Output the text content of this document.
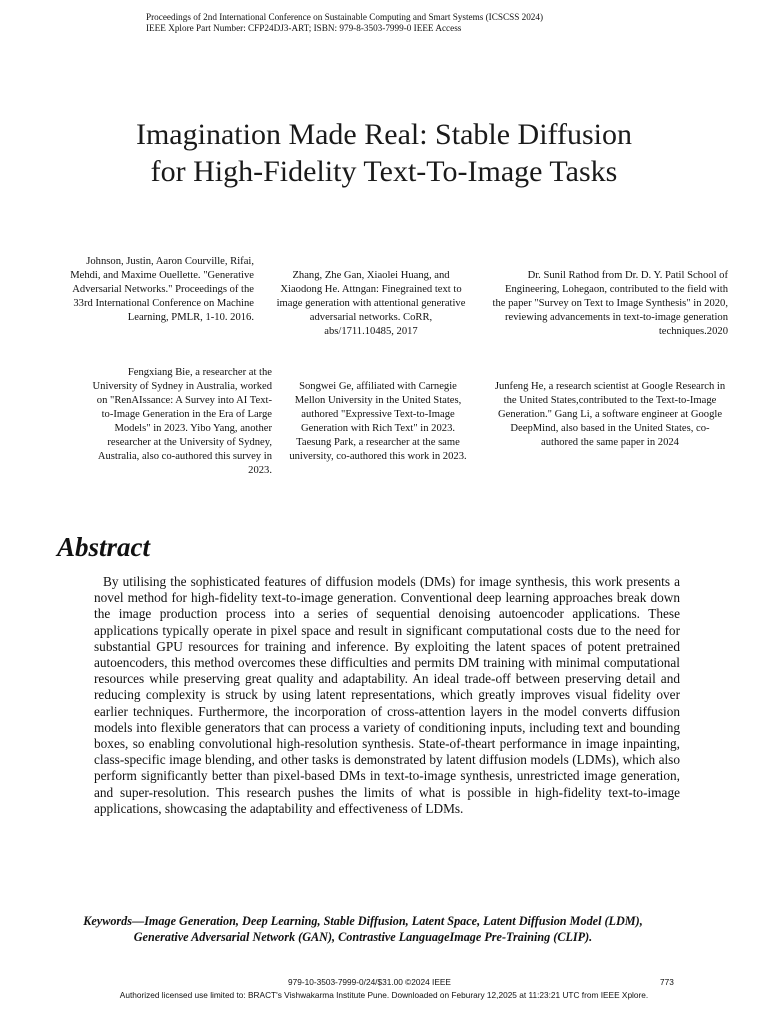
Proceedings of 2nd International Conference on Sustainable Computing and Smart Systems (ICSCSS 2024) IEEE Xplore Part Number: CFP24DJ3-ART; ISBN: 979-8-3503-7999-0 IEEE Access
Imagination Made Real: Stable Diffusion
for High-Fidelity Text-To-Image Tasks
Johnson, Justin, Aaron Courville, Rifai, Mehdi, and Maxime Ouellette. "Generative Adversarial Networks." Proceedings of the 33rd International Conference on Machine Learning, PMLR, 1-10. 2016.
Zhang, Zhe Gan, Xiaolei Huang, and Xiaodong He. Attngan: Finegrained text to image generation with attentional generative adversarial networks. CoRR, abs/1711.10485, 2017
Dr. Sunil Rathod from Dr. D. Y. Patil School of Engineering, Lohegaon, contributed to the field with the paper "Survey on Text to Image Synthesis" in 2020, reviewing advancements in text-to-image generation techniques.2020
Fengxiang Bie, a researcher at the University of Sydney in Australia, worked on "RenAIssance: A Survey into AI Text-to-Image Generation in the Era of Large Models" in 2023. Yibo Yang, another researcher at the University of Sydney, Australia, also co-authored this survey in 2023.
Songwei Ge, affiliated with Carnegie Mellon University in the United States, authored "Expressive Text-to-Image Generation with Rich Text" in 2023. Taesung Park, a researcher at the same university, co-authored this work in 2023.
Junfeng He, a research scientist at Google Research in the United States,contributed to the Text-to-Image Generation." Gang Li, a software engineer at Google DeepMind, also based in the United States, co-authored the same paper in 2024
Abstract
By utilising the sophisticated features of diffusion models (DMs) for image synthesis, this work presents a novel method for high-fidelity text-to-image generation. Conventional deep learning approaches break down the image production process into a series of sequential denoising autoencoder applications. These applications typically operate in pixel space and result in significant computational costs due to the need for substantial GPU resources for training and inference. By exploiting the latent spaces of potent pretrained autoencoders, this method overcomes these difficulties and permits DM training with minimal computational resources while preserving great quality and adaptability. An ideal trade-off between preserving detail and reducing complexity is struck by using latent representations, which greatly improves visual fidelity over earlier techniques. Furthermore, the incorporation of cross-attention layers in the model converts diffusion models into flexible generators that can process a variety of conditioning inputs, including text and bounding boxes, so enabling convolutional high-resolution synthesis. State-of-theart performance in image inpainting, class-specific image blending, and other tasks is demonstrated by latent diffusion models (LDMs), which also perform significantly better than pixel-based DMs in text-to-image synthesis, unrestricted image generation, and super-resolution. This research pushes the limits of what is possible in high-fidelity text-to-image applications, showcasing the adaptability and effectiveness of LDMs.
Keywords—Image Generation, Deep Learning, Stable Diffusion, Latent Space, Latent Diffusion Model (LDM), Generative Adversarial Network (GAN), Contrastive LanguageImage Pre-Training (CLIP).
979-10-3503-7999-0/24/$31.00 ©2024 IEEE	773
Authorized licensed use limited to: BRACT's Vishwakarma Institute Pune. Downloaded on Feburary 12,2025 at 11:23:21 UTC from IEEE Xplore.
